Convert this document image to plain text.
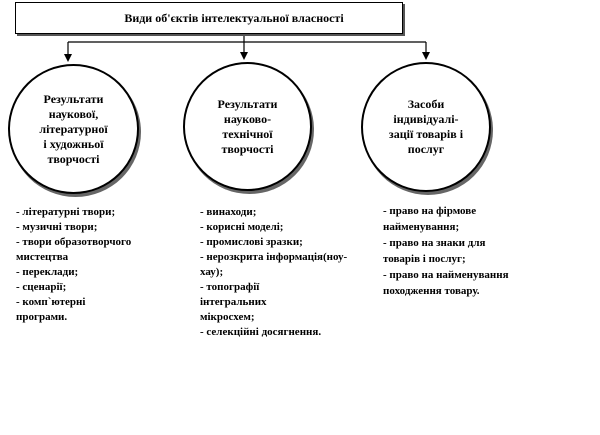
Види об'єктів інтелектуальної власності
Результати
наукової,
літературної
і художньої
творчості
Результати
науково-
технічної
творчості
Засоби
індивідуалі-
зації товарів і
послуг
- літературні твори;
- музичні твори;
- твори образотворчого мистецтва
- переклади;
- сценарії;
- комп`ютерні програми.
- винаходи;
- корисні моделі;
- промислові зразки;
- нерозкрита інформація(ноу-хау);
- топографії інтегральних мікросхем;
- селекційні досягнення.
- право на фірмове найменування;
- право на знаки для товарів і послуг;
- право на найменування походження товару.
